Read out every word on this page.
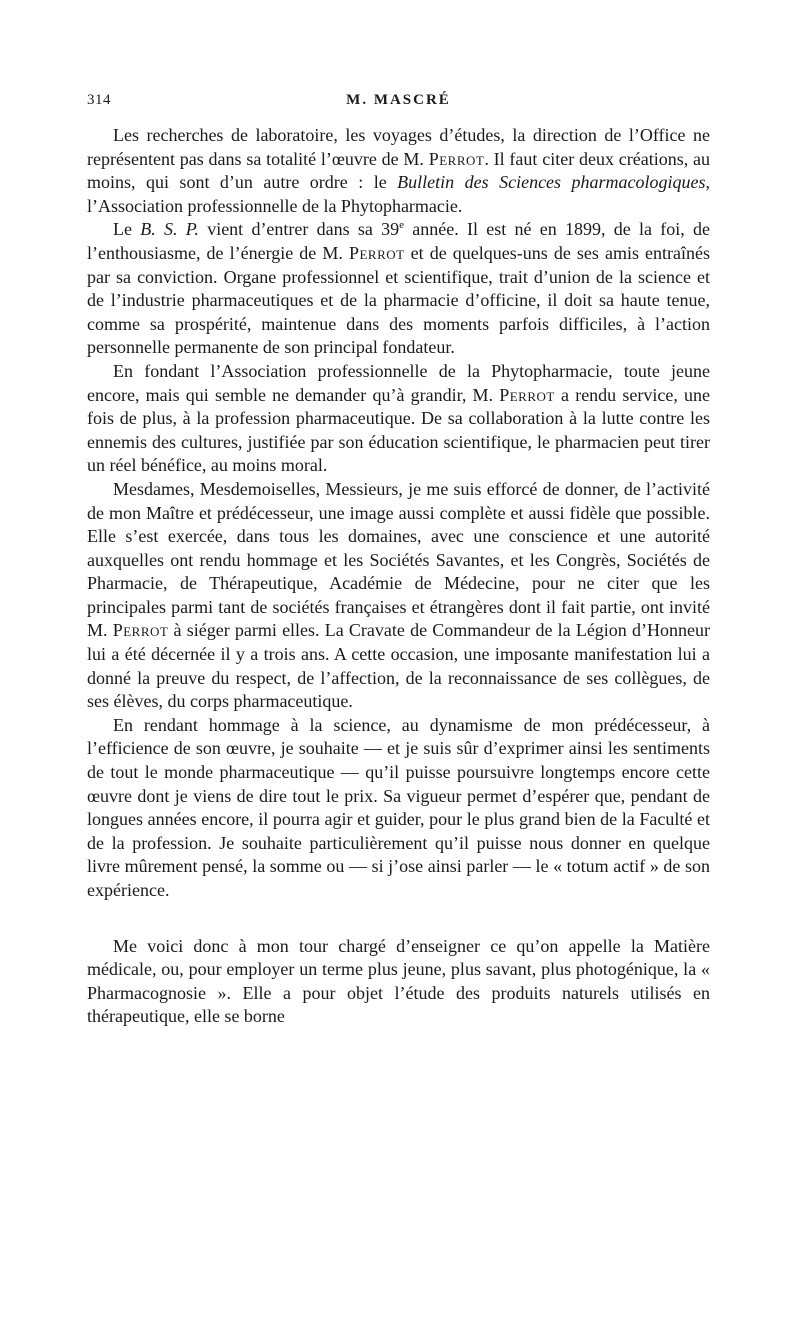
314	M. MASCRÉ

Les recherches de laboratoire, les voyages d’études, la direction de l’Office ne représentent pas dans sa totalité l’œuvre de M. Perrot. Il faut citer deux créations, au moins, qui sont d’un autre ordre : le Bulletin des Sciences pharmacologiques, l’Association professionnelle de la Phytopharmacie.

Le B. S. P. vient d’entrer dans sa 39e année. Il est né en 1899, de la foi, de l’enthousiasme, de l’énergie de M. Perrot et de quelques-uns de ses amis entraînés par sa conviction. Organe professionnel et scientifique, trait d’union de la science et de l’industrie pharmaceutiques et de la pharmacie d’officine, il doit sa haute tenue, comme sa prospérité, maintenue dans des moments parfois difficiles, à l’action personnelle permanente de son principal fondateur.

En fondant l’Association professionnelle de la Phytopharmacie, toute jeune encore, mais qui semble ne demander qu’à grandir, M. Perrot a rendu service, une fois de plus, à la profession pharmaceutique. De sa collaboration à la lutte contre les ennemis des cultures, justifiée par son éducation scientifique, le pharmacien peut tirer un réel bénéfice, au moins moral.

Mesdames, Mesdemoiselles, Messieurs, je me suis efforcé de donner, de l’activité de mon Maître et prédécesseur, une image aussi complète et aussi fidèle que possible. Elle s’est exercée, dans tous les domaines, avec une conscience et une autorité auxquelles ont rendu hommage et les Sociétés Savantes, et les Congrès, Sociétés de Pharmacie, de Thérapeutique, Académie de Médecine, pour ne citer que les principales parmi tant de sociétés françaises et étrangères dont il fait partie, ont invité M. Perrot à siéger parmi elles. La Cravate de Commandeur de la Légion d’Honneur lui a été décernée il y a trois ans. A cette occasion, une imposante manifestation lui a donné la preuve du respect, de l’affection, de la reconnaissance de ses collègues, de ses élèves, du corps pharmaceutique.

En rendant hommage à la science, au dynamisme de mon prédécesseur, à l’efficience de son œuvre, je souhaite — et je suis sûr d’exprimer ainsi les sentiments de tout le monde pharmaceutique — qu’il puisse poursuivre longtemps encore cette œuvre dont je viens de dire tout le prix. Sa vigueur permet d’espérer que, pendant de longues années encore, il pourra agir et guider, pour le plus grand bien de la Faculté et de la profession. Je souhaite particulièrement qu’il puisse nous donner en quelque livre mûrement pensé, la somme ou — si j’ose ainsi parler — le « totum actif » de son expérience.

Me voici donc à mon tour chargé d’enseigner ce qu’on appelle la Matière médicale, ou, pour employer un terme plus jeune, plus savant, plus photogénique, la « Pharmacognosie ». Elle a pour objet l’étude des produits naturels utilisés en thérapeutique, elle se borne
